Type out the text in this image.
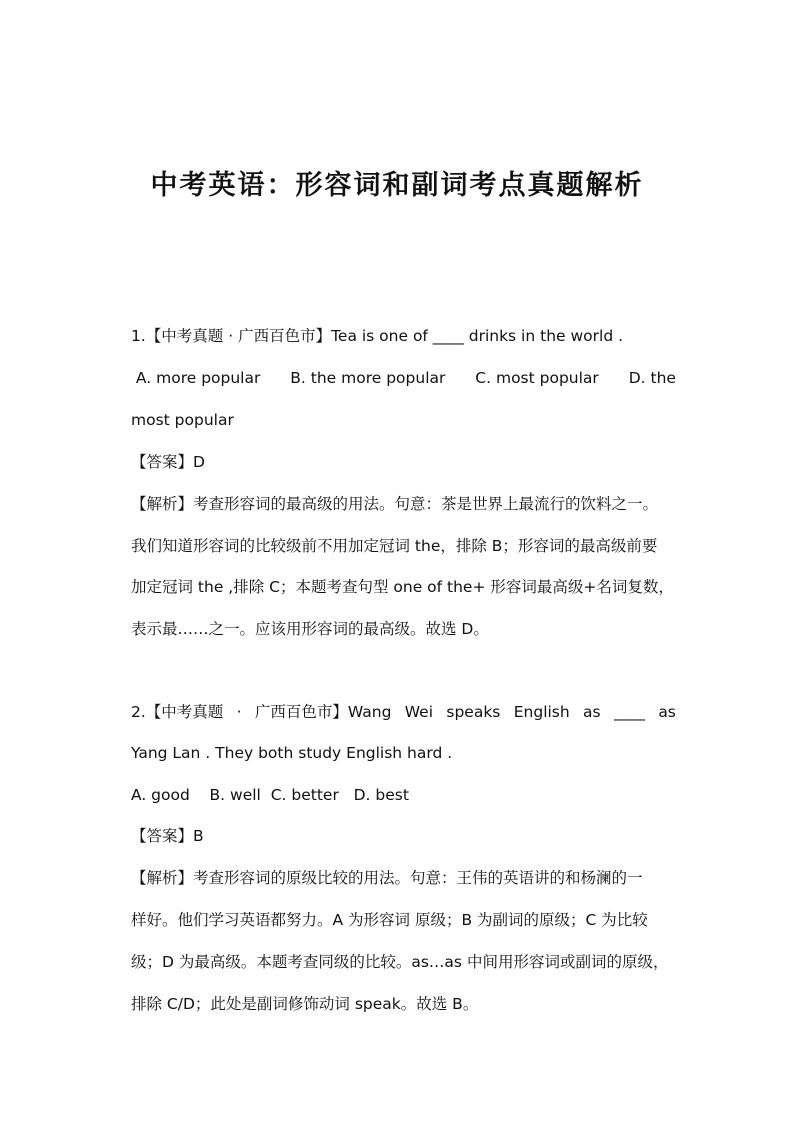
中考英语：形容词和副词考点真题解析

1.【中考真题 · 广西百色市】Tea is one of ____ drinks in the world .

A. more popular B. the more popular C. most popular D. the

most popular

【答案】D

【解析】考查形容词的最高级的用法。句意：茶是世界上最流行的饮料之一。

我们知道形容词的比较级前不用加定冠词 the，排除 B；形容词的最高级前要

加定冠词 the ,排除 C；本题考查句型 one of the+ 形容词最高级+名词复数，

表示最……之一。应该用形容词的最高级。故选 D。

2.【中考真题 · 广西百色市】Wang Wei speaks English as ____ as

Yang Lan . They both study English hard .

A. good    B. well  C. better   D. best

【答案】B

【解析】考查形容词的原级比较的用法。句意：王伟的英语讲的和杨澜的一

样好。他们学习英语都努力。A 为形容词 原级；B 为副词的原级；C 为比较

级；D 为最高级。本题考查同级的比较。as…as 中间用形容词或副词的原级，

排除 C/D；此处是副词修饰动词 speak。故选 B。
